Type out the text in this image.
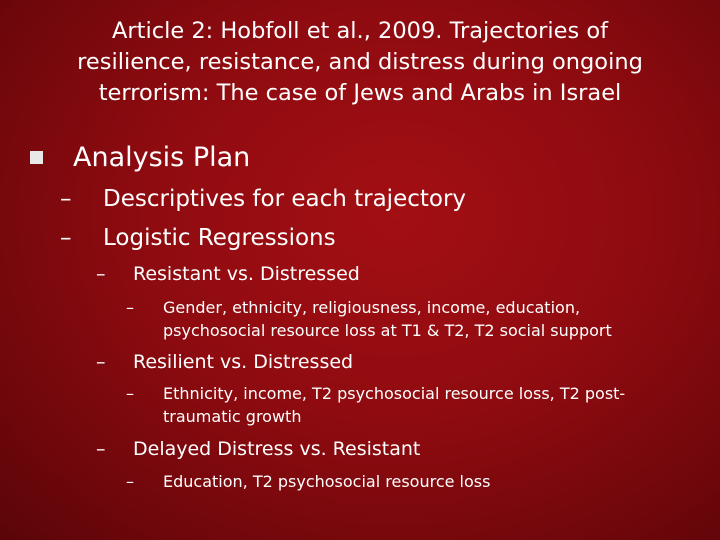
Article 2: Hobfoll et al., 2009. Trajectories of
resilience, resistance, and distress during ongoing
terrorism: The case of Jews and Arabs in Israel
Analysis Plan
–	Descriptives for each trajectory
–	Logistic Regressions
–	Resistant vs. Distressed
–	Gender, ethnicity, religiousness, income, education,
psychosocial resource loss at T1 & T2, T2 social support
–	Resilient vs. Distressed
–	Ethnicity, income, T2 psychosocial resource loss, T2 post-
traumatic growth
–	Delayed Distress vs. Resistant
–	Education, T2 psychosocial resource loss
